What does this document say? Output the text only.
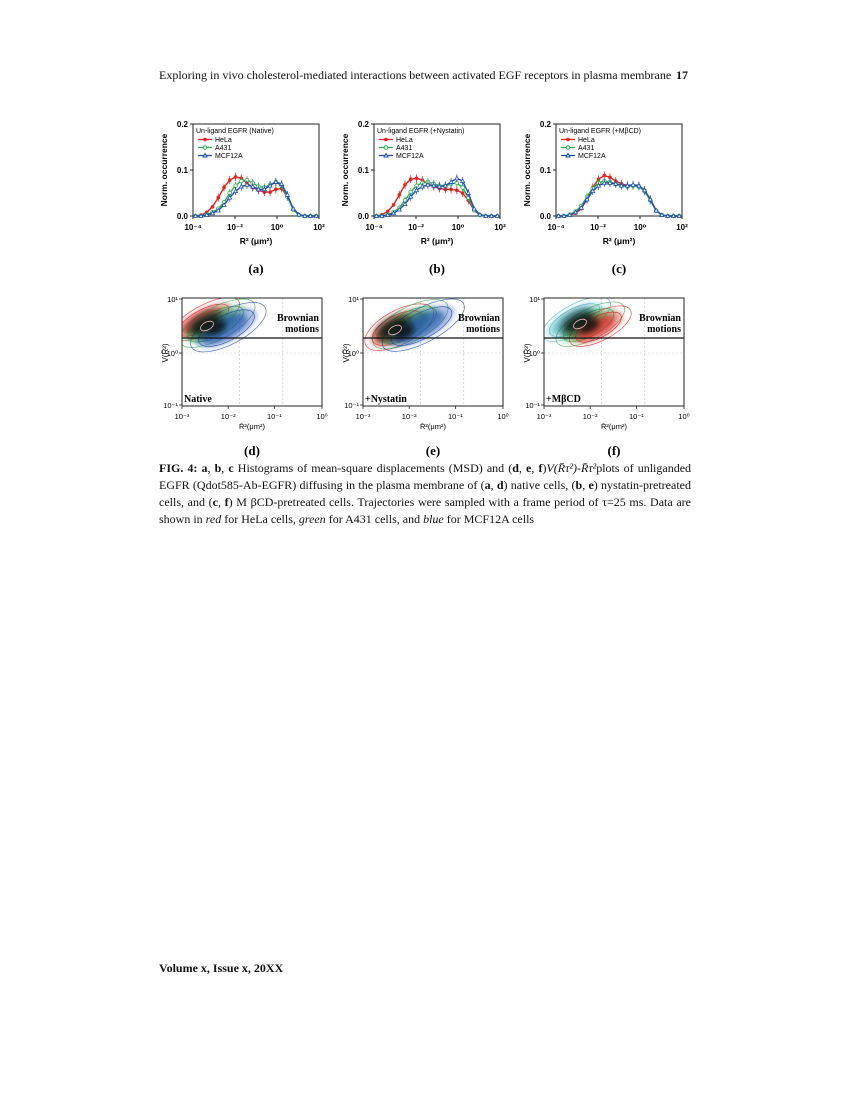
Exploring in vivo cholesterol-mediated interactions between activated EGF receptors in plasma membrane 17
0.0
0.1
0.2
10⁻⁴	10⁻²	10⁰	10²
Norm. occurrence
R² (μm²)
Un-ligand EGFR (Native)
HeLa
A431
MCF12A
(a)
0.0
0.1
0.2
10⁻⁴	10⁻²	10⁰	10²
Norm. occurrence
R² (μm²)
Un-ligand EGFR (+Nystatin)
HeLa
A431
MCF12A
(b)
0.0
0.1
0.2
10⁻⁴	10⁻²	10⁰	10²
Norm. occurrence
R² (μm²)
Un-ligand EGFR (+MβCD)
HeLa
A431
MCF12A
(c)
Brownian
motions
Native
10¹
10⁰
10⁻¹
10⁻³	10⁻²	10⁻¹	10⁰
V(R̄²)
R̄²(μm²)
(d)
Brownian
motions
+Nystatin
10¹
10⁰
10⁻¹
10⁻³	10⁻²	10⁻¹	10⁰
V(R̄²)
R̄²(μm²)
(e)
Brownian
motions
+MβCD
10¹
10⁰
10⁻¹
10⁻³	10⁻²	10⁻¹	10⁰
V(R̄²)
R̄²(μm²)
(f)
FIG. 4: a, b, c Histograms of mean-square displacements (MSD) and (d, e, f)V(R̄τ²)-R̄τ²plots of unliganded EGFR (Qdot585-Ab-EGFR) diffusing in the plasma membrane of (a, d) native cells, (b, e) nystatin-pretreated cells, and (c, f) M βCD-pretreated cells. Trajectories were sampled with a frame period of τ=25 ms. Data are shown in red for HeLa cells, green for A431 cells, and blue for MCF12A cells
Volume x, Issue x, 20XX
